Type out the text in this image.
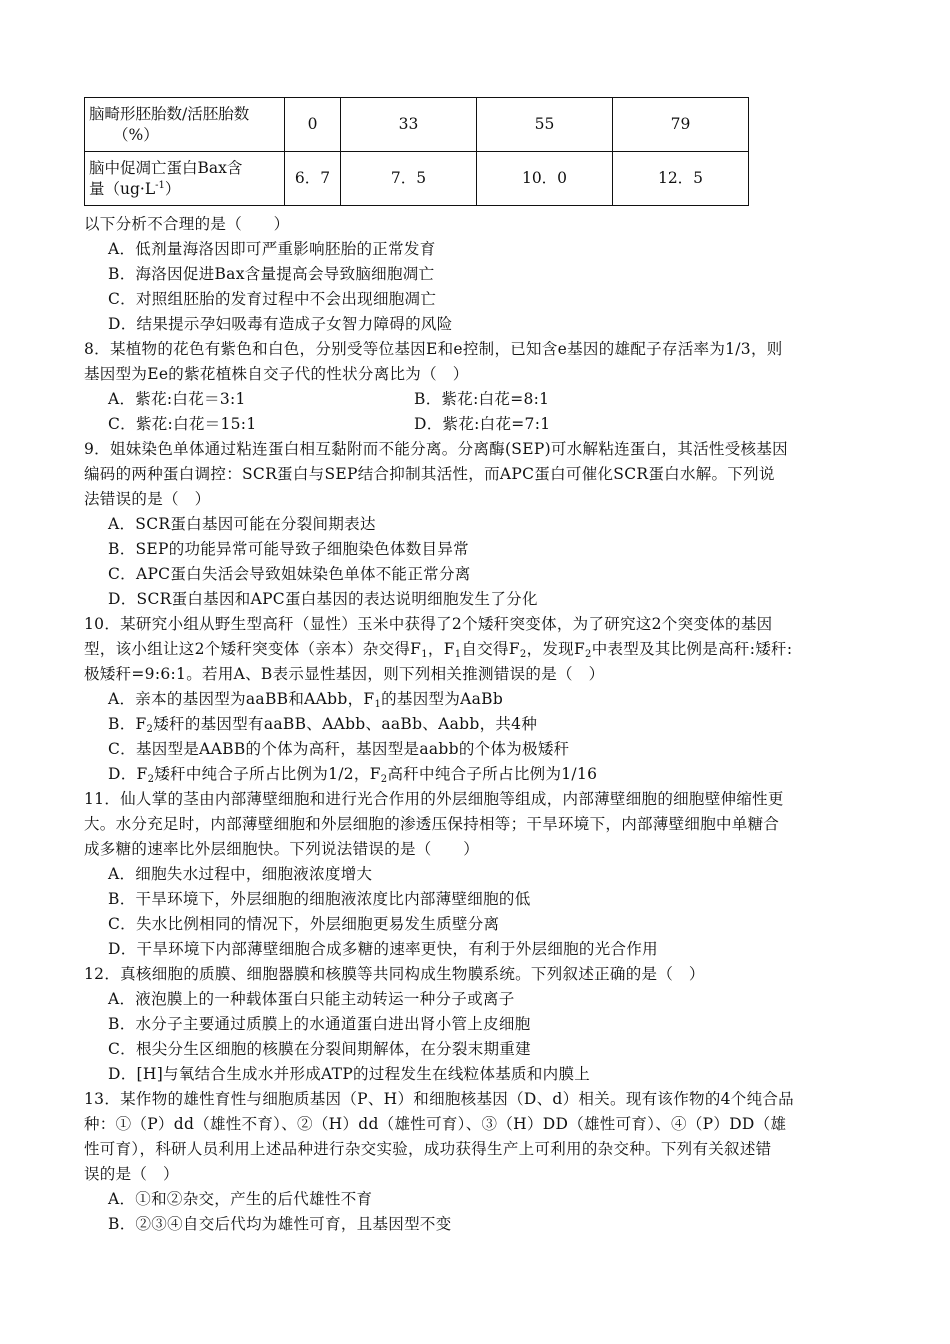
脑畸形胚胎数/活胚胎数
（%）	0	33	55	79

脑中促凋亡蛋白Bax含
量$(ug\cdot L^{-1})$	6．7	7．5	10．0	12．5
以下分析不合理的是（　　）
A．低剂量海洛因即可严重影响胚胎的正常发育
B．海洛因促进Bax含量提高会导致脑细胞凋亡
C．对照组胚胎的发育过程中不会出现细胞凋亡
D．结果提示孕妇吸毒有造成子女智力障碍的风险
8．某植物的花色有紫色和白色，分别受等位基因E和e控制，已知含e基因的雄配子存活率为1/3，则
基因型为Ee的紫花植株自交子代的性状分离比为（　）
A．紫花:白花＝3:1	B．紫花:白花=8:1
C．紫花:白花＝15:1	D．紫花:白花=7:1
9．姐妹染色单体通过粘连蛋白相互黏附而不能分离。分离酶(SEP)可水解粘连蛋白，其活性受核基因
编码的两种蛋白调控：SCR蛋白与SEP结合抑制其活性，而APC蛋白可催化SCR蛋白水解。下列说
法错误的是（　）
A．SCR蛋白基因可能在分裂间期表达
B．SEP的功能异常可能导致子细胞染色体数目异常
C．APC蛋白失活会导致姐妹染色单体不能正常分离
D．SCR蛋白基因和APC蛋白基因的表达说明细胞发生了分化
10．某研究小组从野生型高秆（显性）玉米中获得了2个矮秆突变体，为了研究这2个突变体的基因
型，该小组让这2个矮秆突变体（亲本）杂交得$F_1$，$F_1$自交得$F_2$，发现$F_2$中表型及其比例是高秆:矮秆:
极矮秆=9:6:1。若用A、B表示显性基因，则下列相关推测错误的是（　）
A．亲本的基因型为aaBB和AAbb，$F_1$的基因型为AaBb
B．$F_2$矮秆的基因型有aaBB、AAbb、aaBb、Aabb，共4种
C．基因型是AABB的个体为高秆，基因型是aabb的个体为极矮秆
D．$F_2$矮秆中纯合子所占比例为1/2，$F_2$高秆中纯合子所占比例为1/16
11．仙人掌的茎由内部薄壁细胞和进行光合作用的外层细胞等组成，内部薄壁细胞的细胞壁伸缩性更
大。水分充足时，内部薄壁细胞和外层细胞的渗透压保持相等；干旱环境下，内部薄壁细胞中单糖合
成多糖的速率比外层细胞快。下列说法错误的是（　　）
A．细胞失水过程中，细胞液浓度增大
B．干旱环境下，外层细胞的细胞液浓度比内部薄壁细胞的低
C．失水比例相同的情况下，外层细胞更易发生质壁分离
D．干旱环境下内部薄壁细胞合成多糖的速率更快，有利于外层细胞的光合作用
12．真核细胞的质膜、细胞器膜和核膜等共同构成生物膜系统。下列叙述正确的是（　）
A．液泡膜上的一种载体蛋白只能主动转运一种分子或离子
B．水分子主要通过质膜上的水通道蛋白进出肾小管上皮细胞
C．根尖分生区细胞的核膜在分裂间期解体，在分裂末期重建
D．[H]与氧结合生成水并形成ATP的过程发生在线粒体基质和内膜上
13．某作物的雄性育性与细胞质基因（P、H）和细胞核基因（D、d）相关。现有该作物的4个纯合品
种：①（P）dd（雄性不育）、②（H）dd（雄性可育）、③（H）DD（雄性可育）、④（P）DD（雄
性可育），科研人员利用上述品种进行杂交实验，成功获得生产上可利用的杂交种。下列有关叙述错
误的是（　）
A．①和②杂交，产生的后代雄性不育
B．②③④自交后代均为雄性可育，且基因型不变
